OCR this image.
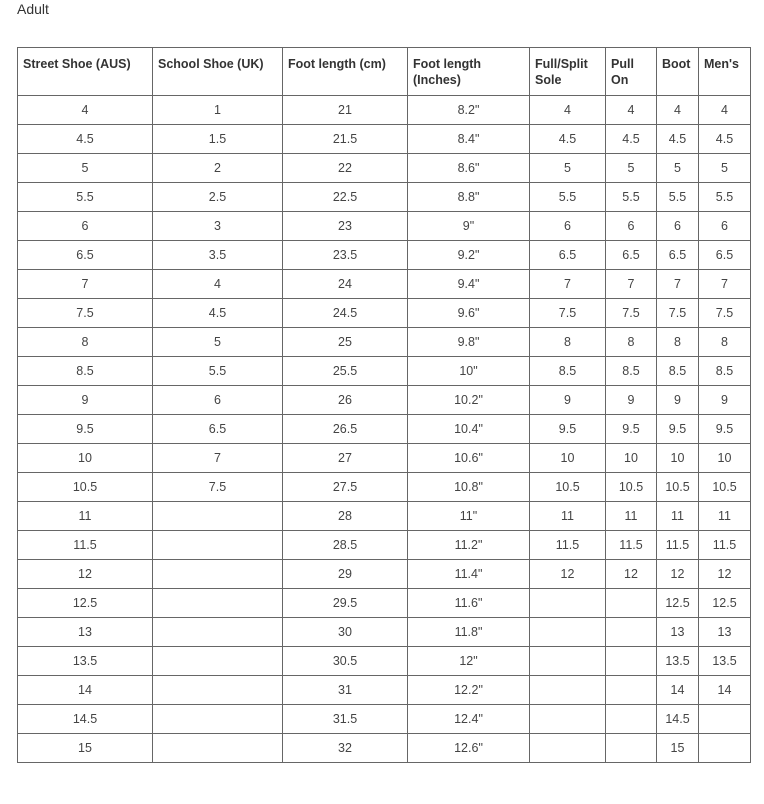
Adult
Street Shoe (AUS)	School Shoe (UK)	Foot length (cm)	Foot length (Inches)	Full/Split Sole	Pull On	Boot	Men's
4	1	21	8.2"	4	4	4	4
4.5	1.5	21.5	8.4"	4.5	4.5	4.5	4.5
5	2	22	8.6"	5	5	5	5
5.5	2.5	22.5	8.8"	5.5	5.5	5.5	5.5
6	3	23	9"	6	6	6	6
6.5	3.5	23.5	9.2"	6.5	6.5	6.5	6.5
7	4	24	9.4"	7	7	7	7
7.5	4.5	24.5	9.6"	7.5	7.5	7.5	7.5
8	5	25	9.8"	8	8	8	8
8.5	5.5	25.5	10"	8.5	8.5	8.5	8.5
9	6	26	10.2"	9	9	9	9
9.5	6.5	26.5	10.4"	9.5	9.5	9.5	9.5
10	7	27	10.6"	10	10	10	10
10.5	7.5	27.5	10.8"	10.5	10.5	10.5	10.5
11		28	11"	11	11	11	11
11.5		28.5	11.2"	11.5	11.5	11.5	11.5
12		29	11.4"	12	12	12	12
12.5		29.5	11.6"			12.5	12.5
13		30	11.8"			13	13
13.5		30.5	12"			13.5	13.5
14		31	12.2"			14	14
14.5		31.5	12.4"			14.5	
15		32	12.6"			15	
